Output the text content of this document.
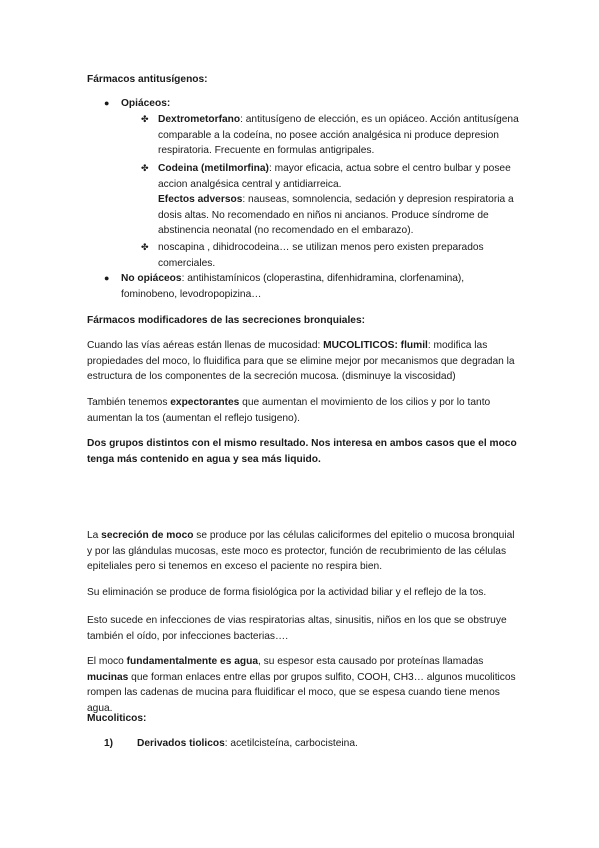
Fármacos antitusígenos:

● Opiáceos:

✤ Dextrometorfano: antitusígeno de elección, es un opiáceo. Acción antitusígena comparable a la codeína, no posee acción analgésica ni produce depresion respiratoria. Frecuente en formulas antigripales.

✤ Codeina (metilmorfina): mayor eficacia, actua sobre el centro bulbar y posee accion analgésica central y antidiarreica.
Efectos adversos: nauseas, somnolencia, sedación y depresion respiratoria a dosis altas. No recomendado en niños ni ancianos. Produce síndrome de abstinencia neonatal (no recomendado en el embarazo).

✤ noscapina , dihidrocodeina… se utilizan menos pero existen preparados comerciales.

● No opiáceos: antihistamínicos (cloperastina, difenhidramina, clorfenamina), fominobeno, levodropopizina…

Fármacos modificadores de las secreciones bronquiales:

Cuando las vías aéreas están llenas de mucosidad: MUCOLITICOS: flumil: modifica las propiedades del moco, lo fluidifica para que se elimine mejor por mecanismos que degradan la estructura de los componentes de la secreción mucosa. (disminuye la viscosidad)

También tenemos expectorantes que aumentan el movimiento de los cilios y por lo tanto aumentan la tos (aumentan el reflejo tusigeno).

Dos grupos distintos con el mismo resultado. Nos interesa en ambos casos que el moco tenga más contenido en agua y sea más liquido.

La secreción de moco se produce por las células caliciformes del epitelio o mucosa bronquial y por las glándulas mucosas, este moco es protector, función de recubrimiento de las células epiteliales pero si tenemos en exceso el paciente no respira bien.

Su eliminación se produce de forma fisiológica por la actividad biliar y el reflejo de la tos.

Esto sucede en infecciones de vias respiratorias altas, sinusitis, niños en los que se obstruye también el oído, por infecciones bacterias….

El moco fundamentalmente es agua, su espesor esta causado por proteínas llamadas mucinas que forman enlaces entre ellas por grupos sulfito, COOH, CH3… algunos mucoliticos rompen las cadenas de mucina para fluidificar el moco, que se espesa cuando tiene menos agua.

Mucoliticos:

1)	Derivados tiolicos: acetilcisteína, carbocisteina.
